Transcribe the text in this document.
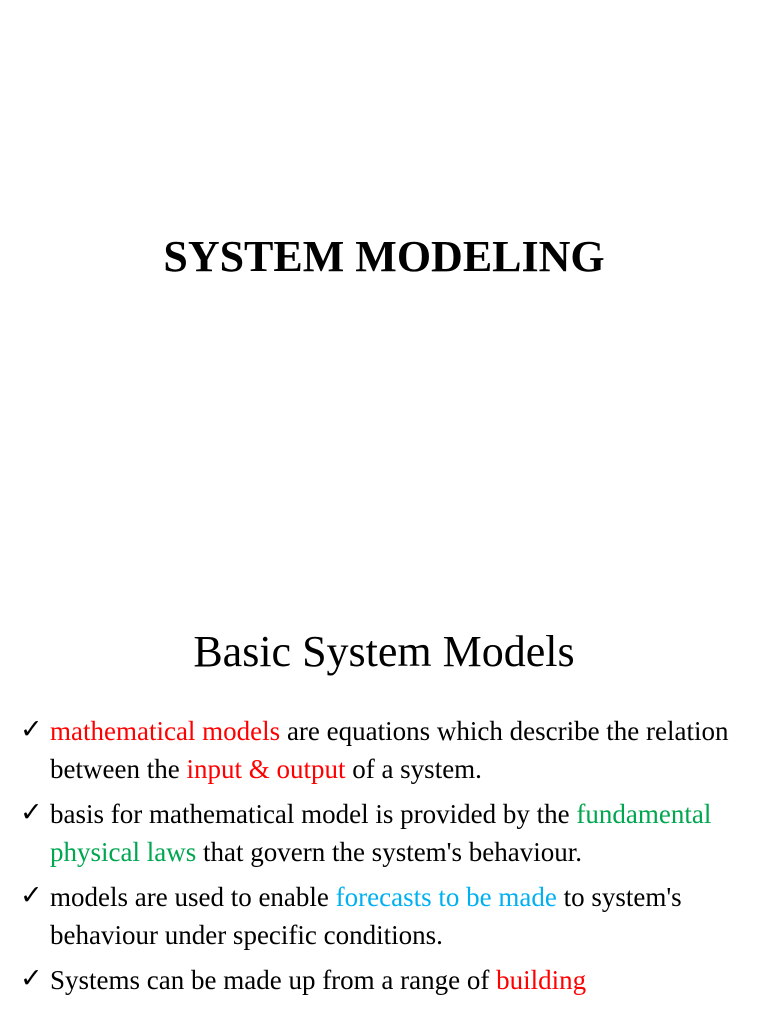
SYSTEM MODELING
Basic System Models
✓ mathematical models are equations which describe the relation between the input & output of a system.
✓ basis for mathematical model is provided by the fundamental physical laws that govern the system's behaviour.
✓ models are used to enable forecasts to be made to system's behaviour under specific conditions.
✓ Systems can be made up from a range of building
